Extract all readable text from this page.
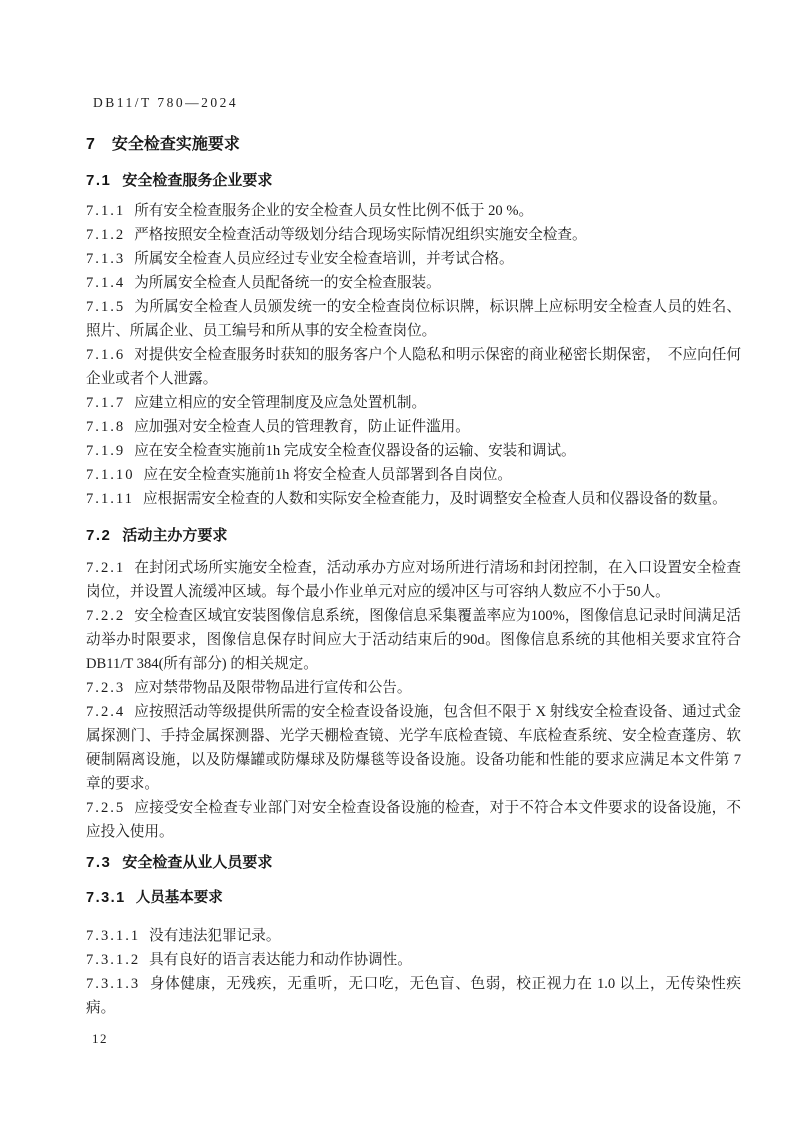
DB11/T 780—2024
7 安全检查实施要求
7.1 安全检查服务企业要求

7.1.1 所有安全检查服务企业的安全检查人员女性比例不低于 20 %。

7.1.2 严格按照安全检查活动等级划分结合现场实际情况组织实施安全检查。

7.1.3 所属安全检查人员应经过专业安全检查培训，并考试合格。

7.1.4 为所属安全检查人员配备统一的安全检查服装。

7.1.5 为所属安全检查人员颁发统一的安全检查岗位标识牌，标识牌上应标明安全检查人员的姓名、照片、所属企业、员工编号和所从事的安全检查岗位。

7.1.6 对提供安全检查服务时获知的服务客户个人隐私和明示保密的商业秘密长期保密，　不应向任何企业或者个人泄露。

7.1.7 应建立相应的安全管理制度及应急处置机制。

7.1.8 应加强对安全检查人员的管理教育，防止证件滥用。

7.1.9 应在安全检查实施前1h 完成安全检查仪器设备的运输、安装和调试。

7.1.10 应在安全检查实施前1h 将安全检查人员部署到各自岗位。

7.1.11 应根据需安全检查的人数和实际安全检查能力，及时调整安全检查人员和仪器设备的数量。

7.2 活动主办方要求

7.2.1 在封闭式场所实施安全检查，活动承办方应对场所进行清场和封闭控制，在入口设置安全检查岗位，并设置人流缓冲区域。每个最小作业单元对应的缓冲区与可容纳人数应不小于50人。

7.2.2 安全检查区域宜安装图像信息系统，图像信息采集覆盖率应为100%，图像信息记录时间满足活动举办时限要求，图像信息保存时间应大于活动结束后的90d。图像信息系统的其他相关要求宜符合DB11/T 384(所有部分) 的相关规定。

7.2.3 应对禁带物品及限带物品进行宣传和公告。

7.2.4 应按照活动等级提供所需的安全检查设备设施，包含但不限于 X 射线安全检查设备、通过式金属探测门、手持金属探测器、光学天棚检查镜、光学车底检查镜、车底检查系统、安全检查蓬房、软硬制隔离设施，以及防爆罐或防爆球及防爆毯等设备设施。设备功能和性能的要求应满足本文件第 7 章的要求。

7.2.5 应接受安全检查专业部门对安全检查设备设施的检查，对于不符合本文件要求的设备设施，不应投入使用。

7.3 安全检查从业人员要求
7.3.1 人员基本要求

7.3.1.1 没有违法犯罪记录。

7.3.1.2 具有良好的语言表达能力和动作协调性。

7.3.1.3 身体健康，无残疾，无重听，无口吃，无色盲、色弱，校正视力在 1.0 以上，无传染性疾病。

12
